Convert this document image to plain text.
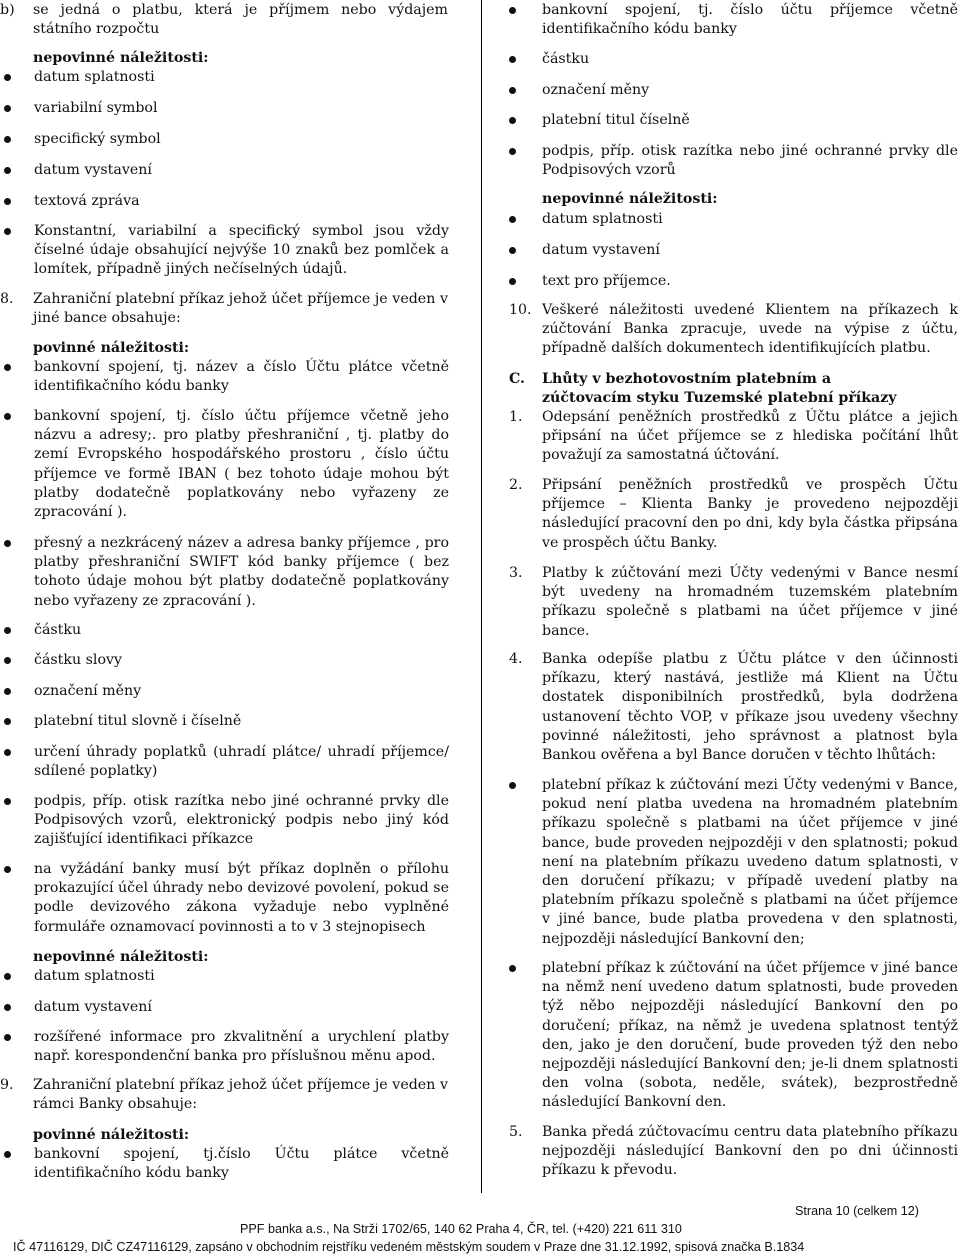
b) se jedná o platbu, která je příjmem nebo výdajem státního rozpočtu
nepovinné náležitosti:
datum splatnosti
variabilní symbol
specifický symbol
datum vystavení
textová zpráva
Konstantní, variabilní a specifický symbol jsou vždy číselné údaje obsahující nejvýše 10 znaků bez pomlček a lomítek, případně jiných nečíselných údajů.
8. Zahraniční platební příkaz jehož účet příjemce je veden v jiné bance obsahuje:
povinné náležitosti:
bankovní spojení, tj. název a číslo Účtu plátce včetně identifikačního kódu banky
bankovní spojení, tj. číslo účtu příjemce včetně jeho názvu a adresy;. pro platby přeshraniční , tj. platby do zemí Evropského hospodářského prostoru , číslo účtu příjemce ve formě IBAN ( bez tohoto údaje mohou být platby dodatečně poplatkovány nebo vyřazeny ze zpracování ).
přesný a nezkrácený název a adresa banky příjemce , pro platby přeshraniční SWIFT kód banky příjemce ( bez tohoto údaje mohou být platby dodatečně poplatkovány nebo vyřazeny ze zpracování ).
částku
částku slovy
označení měny
platební titul slovně i číselně
určení úhrady poplatků (uhradí plátce/ uhradí příjemce/ sdílené poplatky)
podpis, příp. otisk razítka nebo jiné ochranné prvky dle Podpisových vzorů, elektronický podpis nebo jiný kód zajišťující identifikaci příkazce
na vyžádání banky musí být příkaz doplněn o přílohu prokazující účel úhrady nebo devizové povolení, pokud se podle devizového zákona vyžaduje nebo vyplněné formuláře oznamovací povinnosti a to v 3 stejnopisech
nepovinné náležitosti:
datum splatnosti
datum vystavení
rozšířené informace pro zkvalitnění a urychlení platby např. korespondenční banka pro příslušnou měnu apod.
9. Zahraniční platební příkaz jehož účet příjemce je veden v rámci Banky obsahuje:
povinné náležitosti:
bankovní spojení, tj.číslo Účtu plátce včetně identifikačního kódu banky
bankovní spojení, tj. číslo účtu příjemce včetně identifikačního kódu banky
částku
označení měny
platební titul číselně
podpis, příp. otisk razítka nebo jiné ochranné prvky dle Podpisových vzorů
nepovinné náležitosti:
datum splatnosti
datum vystavení
text pro příjemce.
10. Veškeré náležitosti uvedené Klientem na příkazech k zúčtování Banka zpracuje, uvede na výpise z účtu, případně dalších dokumentech identifikujících platbu.
C. Lhůty v bezhotovostním platebním a zúčtovacím styku Tuzemské platební příkazy
1. Odepsání peněžních prostředků z Účtu plátce a jejich připsání na účet příjemce se z hlediska počítání lhůt považují za samostatná účtování.
2. Připsání peněžních prostředků ve prospěch Účtu příjemce – Klienta Banky je provedeno nejpozději následující pracovní den po dni, kdy byla částka připsána ve prospěch účtu Banky.
3. Platby k zúčtování mezi Účty vedenými v Bance nesmí být uvedeny na hromadném tuzemském platebním příkazu společně s platbami na účet příjemce v jiné bance.
4. Banka odepíše platbu z Účtu plátce v den účinnosti příkazu, který nastává, jestliže má Klient na Účtu dostatek disponibilních prostředků, byla dodržena ustanovení těchto VOP, v příkaze jsou uvedeny všechny povinné náležitosti, jeho správnost a platnost byla Bankou ověřena a byl Bance doručen v těchto lhůtách:
platební příkaz k zúčtování mezi Účty vedenými v Bance, pokud není platba uvedena na hromadném platebním příkazu společně s platbami na účet příjemce v jiné bance, bude proveden nejpozději v den splatnosti; pokud není na platebním příkazu uvedeno datum splatnosti, v den doručení příkazu; v případě uvedení platby na platebním příkazu společně s platbami na účet příjemce v jiné bance, bude platba provedena v den splatnosti, nejpozději následující Bankovní den;
platební příkaz k zúčtování na účet příjemce v jiné bance na němž není uvedeno datum splatnosti, bude proveden týž něbo nejpozději následující Bankovní den po doručení; příkaz, na němž je uvedena splatnost tentýž den, jako je den doručení, bude proveden týž den nebo nejpozději následující Bankovní den; je-li dnem splatnosti den volna (sobota, neděle, svátek), bezprostředně následující Bankovní den.
5. Banka předá zúčtovacímu centru data platebního příkazu nejpozději následující Bankovní den po dni účinnosti příkazu k převodu.
Strana 10 (celkem 12)
PPF banka a.s., Na Strži 1702/65, 140 62 Praha 4, ČR, tel. (+420) 221 611 310
IČ 47116129, DIČ CZ47116129, zapsáno v obchodním rejstříku vedeném městským soudem v Praze dne 31.12.1992, spisová značka B.1834
